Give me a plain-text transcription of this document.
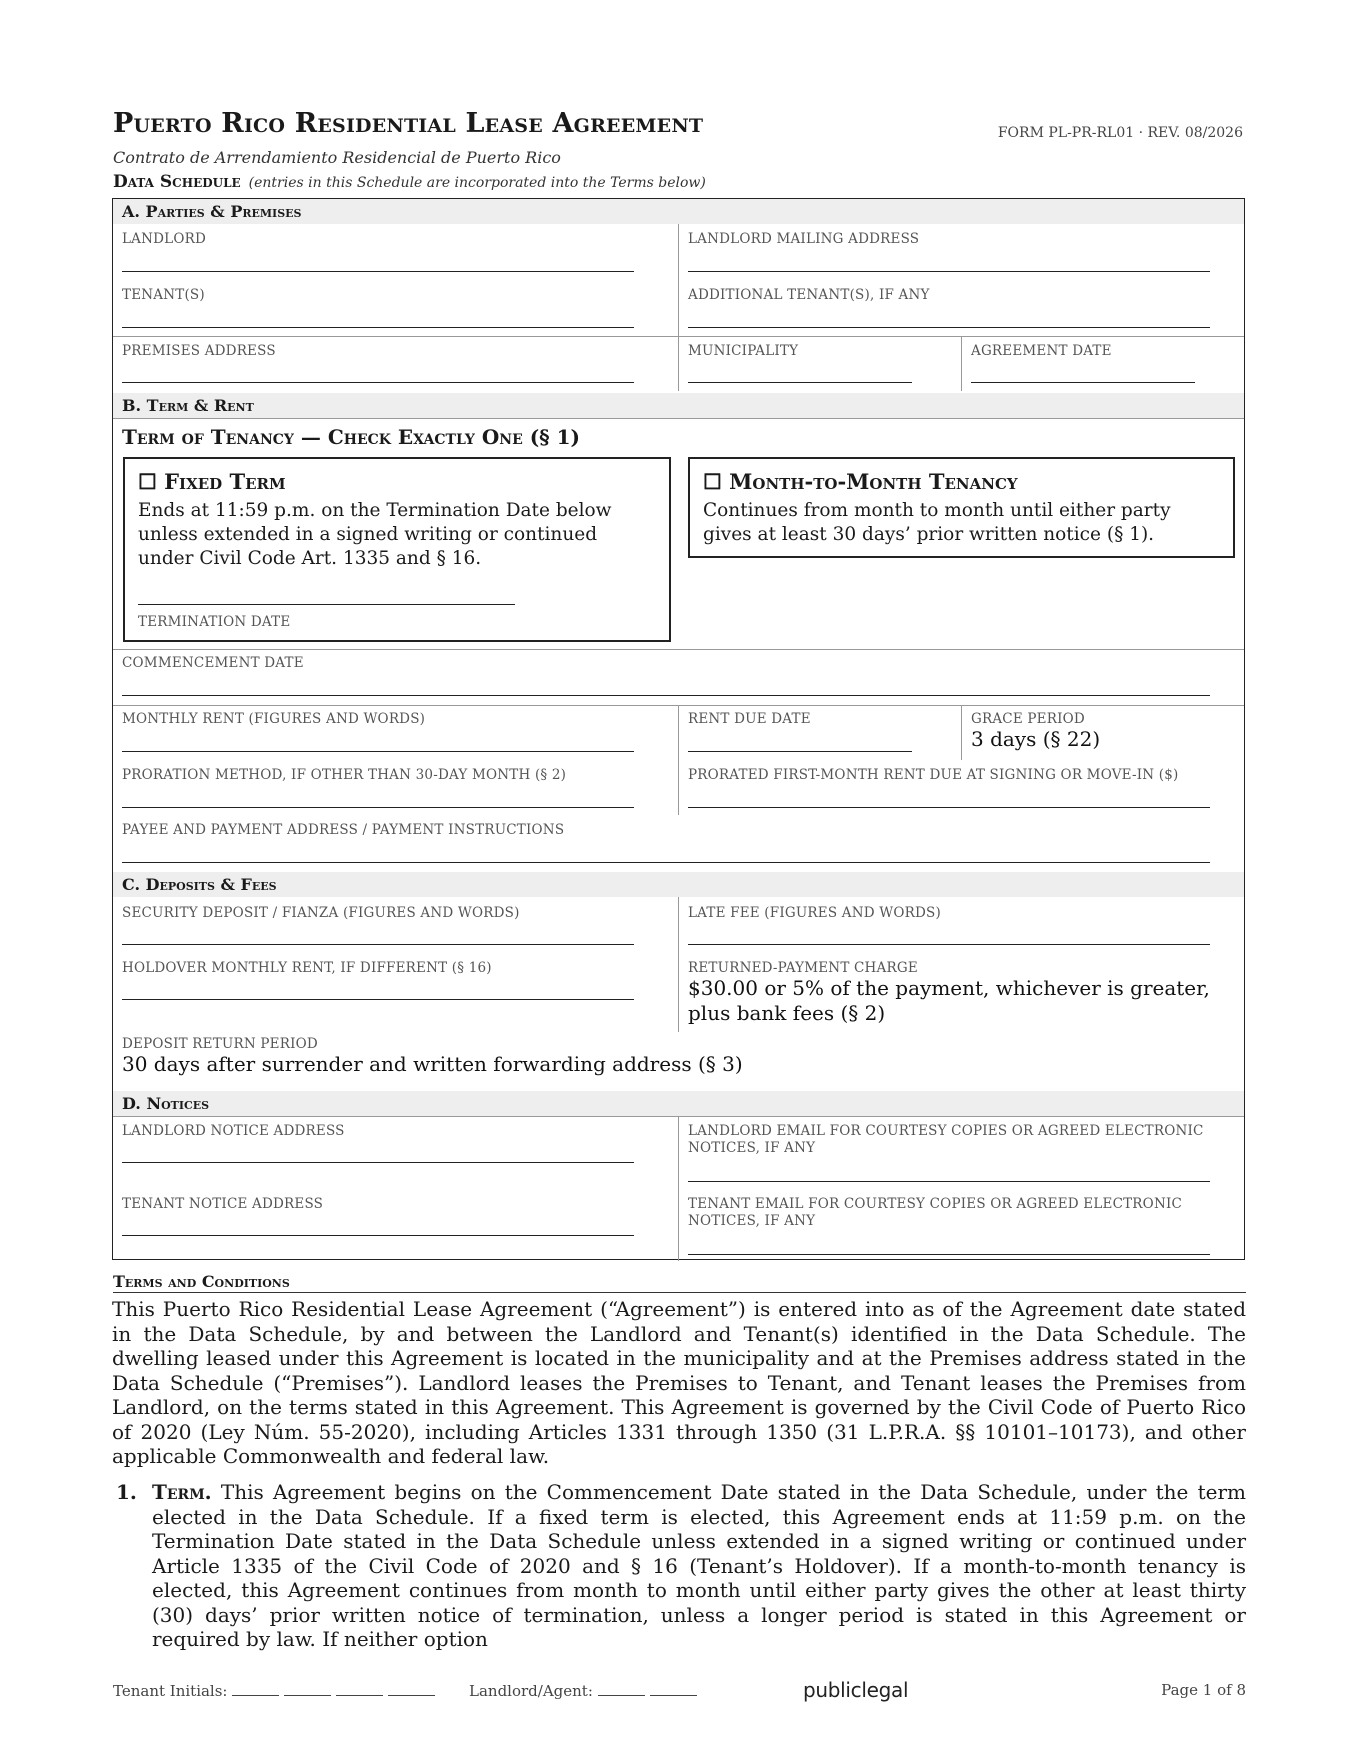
Puerto Rico Residential Lease Agreement	FORM PL-PR-RL01 · REV. 08/2026
Contrato de Arrendamiento Residencial de Puerto Rico
Data Schedule (entries in this Schedule are incorporated into the Terms below)
A. Parties & Premises
LANDLORD	LANDLORD MAILING ADDRESS
TENANT(S)	ADDITIONAL TENANT(S), IF ANY
PREMISES ADDRESS	MUNICIPALITY	AGREEMENT DATE
B. Term & Rent
Term of Tenancy — Check Exactly One (§ 1)
☐ Fixed Term
Ends at 11:59 p.m. on the Termination Date below unless extended in a signed writing or continued under Civil Code Art. 1335 and § 16.
TERMINATION DATE
☐ Month-to-Month Tenancy
Continues from month to month until either party gives at least 30 days’ prior written notice (§ 1).
COMMENCEMENT DATE
MONTHLY RENT (FIGURES AND WORDS)	RENT DUE DATE	GRACE PERIOD
3 days (§ 22)
PRORATION METHOD, IF OTHER THAN 30-DAY MONTH (§ 2)	PRORATED FIRST-MONTH RENT DUE AT SIGNING OR MOVE-IN ($)
PAYEE AND PAYMENT ADDRESS / PAYMENT INSTRUCTIONS
C. Deposits & Fees
SECURITY DEPOSIT / FIANZA (FIGURES AND WORDS)	LATE FEE (FIGURES AND WORDS)
HOLDOVER MONTHLY RENT, IF DIFFERENT (§ 16)	RETURNED-PAYMENT CHARGE
$30.00 or 5% of the payment, whichever is greater, plus bank fees (§ 2)
DEPOSIT RETURN PERIOD
30 days after surrender and written forwarding address (§ 3)
D. Notices
LANDLORD NOTICE ADDRESS	LANDLORD EMAIL FOR COURTESY COPIES OR AGREED ELECTRONIC NOTICES, IF ANY
TENANT NOTICE ADDRESS	TENANT EMAIL FOR COURTESY COPIES OR AGREED ELECTRONIC NOTICES, IF ANY
Terms and Conditions
This Puerto Rico Residential Lease Agreement (“Agreement”) is entered into as of the Agreement date stated in the Data Schedule, by and between the Landlord and Tenant(s) identified in the Data Schedule. The dwelling leased under this Agreement is located in the municipality and at the Premises address stated in the Data Schedule (“Premises”). Landlord leases the Premises to Tenant, and Tenant leases the Premises from Landlord, on the terms stated in this Agreement. This Agreement is governed by the Civil Code of Puerto Rico of 2020 (Ley Núm. 55-2020), including Articles 1331 through 1350 (31 L.P.R.A. §§ 10101–10173), and other applicable Commonwealth and federal law.
1. Term. This Agreement begins on the Commencement Date stated in the Data Schedule, under the term elected in the Data Schedule. If a fixed term is elected, this Agreement ends at 11:59 p.m. on the Termination Date stated in the Data Schedule unless extended in a signed writing or continued under Article 1335 of the Civil Code of 2020 and § 16 (Tenant’s Holdover). If a month-to-month tenancy is elected, this Agreement continues from month to month until either party gives the other at least thirty (30) days’ prior written notice of termination, unless a longer period is stated in this Agreement or required by law. If neither option
Tenant Initials:	Landlord/Agent:	publiclegal	Page 1 of 8
